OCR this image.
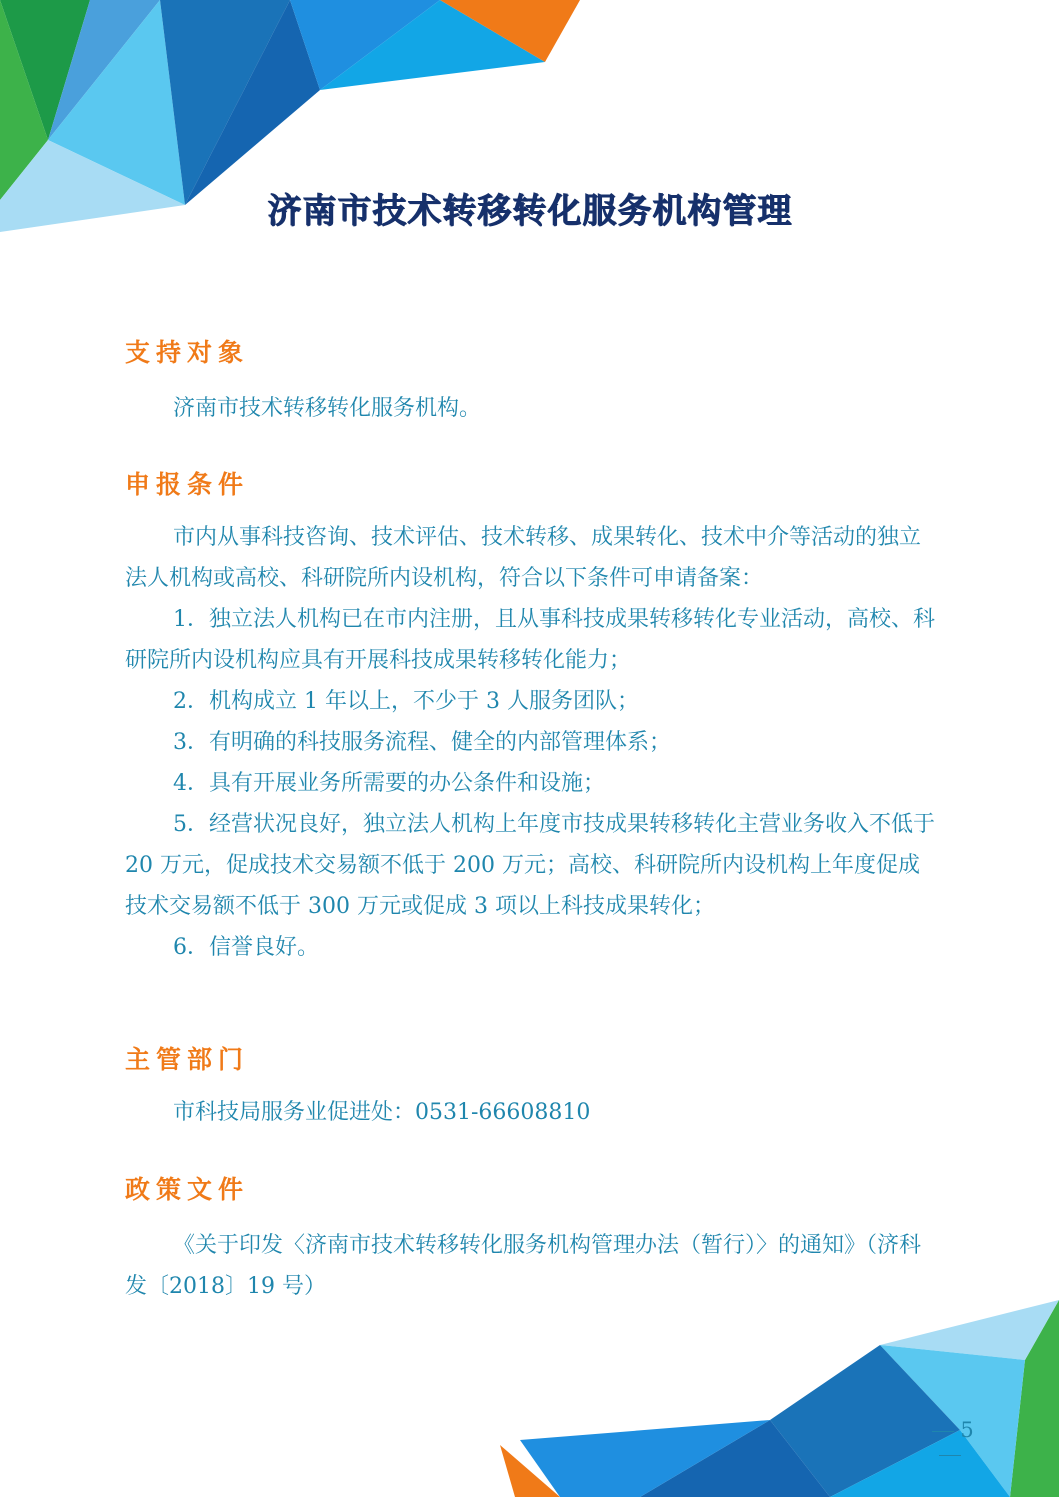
济南市技术转移转化服务机构管理
支持对象

济南市技术转移转化服务机构。

申报条件

市内从事科技咨询、技术评估、技术转移、成果转化、技术中介等活动的独立法人机构或高校、科研院所内设机构，符合以下条件可申请备案：

1．独立法人机构已在市内注册，且从事科技成果转移转化专业活动，高校、科研院所内设机构应具有开展科技成果转移转化能力；

2．机构成立 1 年以上，不少于 3 人服务团队；

3．有明确的科技服务流程、健全的内部管理体系；

4．具有开展业务所需要的办公条件和设施；

5．经营状况良好，独立法人机构上年度市技成果转移转化主营业务收入不低于 20 万元，促成技术交易额不低于 200 万元；高校、科研院所内设机构上年度促成技术交易额不低于 300 万元或促成 3 项以上科技成果转化；

6．信誉良好。

主管部门

市科技局服务业促进处：0531-66608810

政策文件

《关于印发〈济南市技术转移转化服务机构管理办法（暂行）〉的通知》（济科发〔2018〕19 号）

5
